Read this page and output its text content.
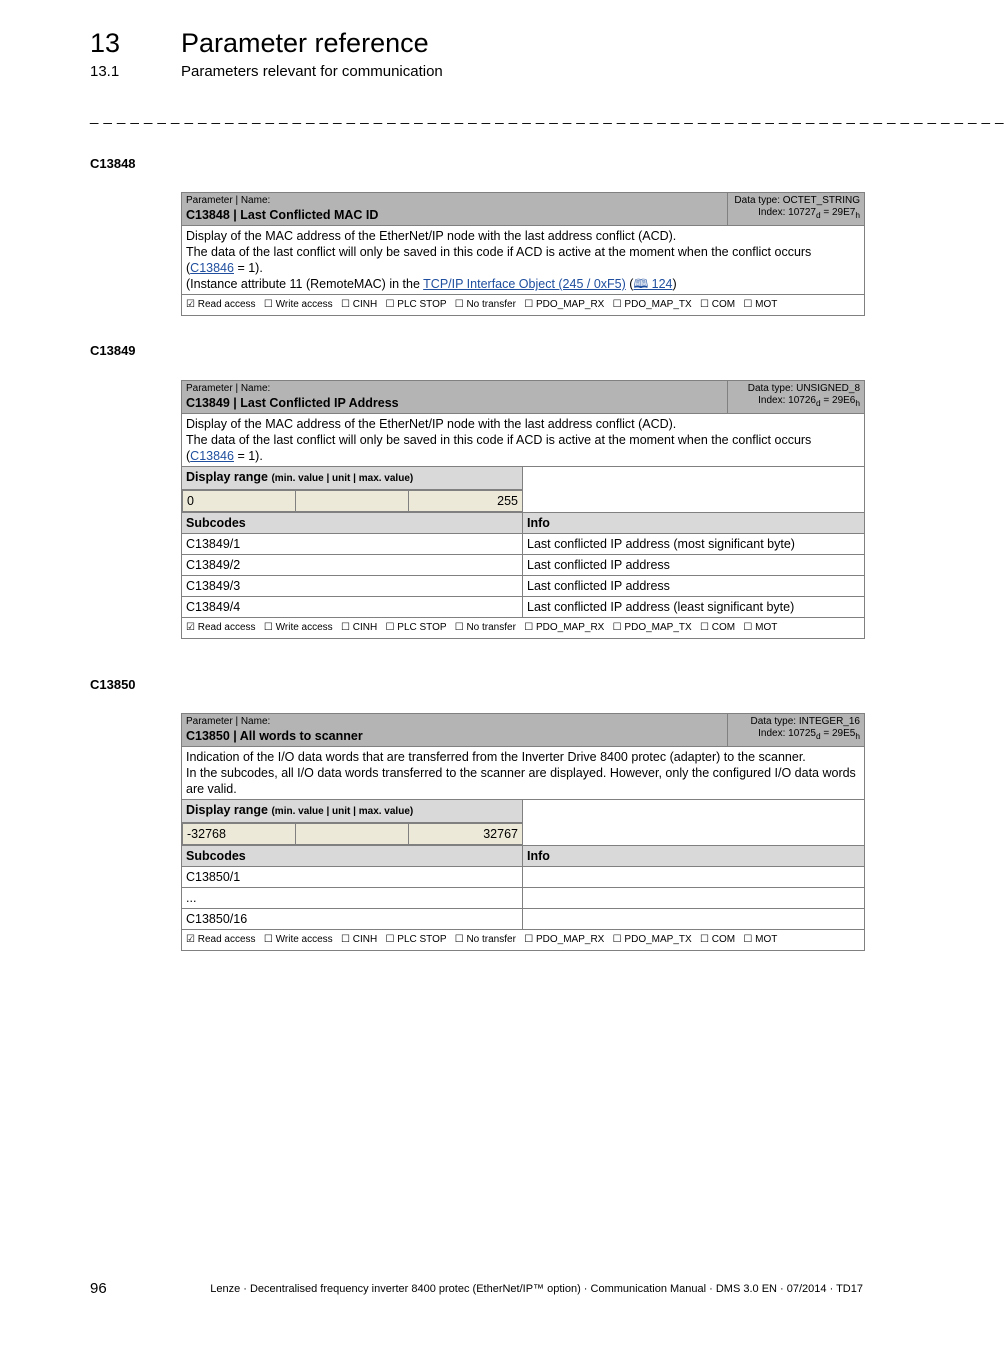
13 Parameter reference
13.1	Parameters relevant for communication
_ _ _ _ _ _ _ _ _ _ _ _ _ _ _ _ _ _ _ _ _ _ _ _ _ _ _ _ _ _ _ _ _ _ _ _ _ _ _ _ _ _ _ _ _ _ _ _ _ _ _ _ _ _ _ _ _ _ _ _ _ _ _ _ _ _ _ _
C13848
Parameter | Name:
C13848 | Last Conflicted MAC ID

Data type: OCTET_STRING
Index: $10727_d = 29E7_h$

Display of the MAC address of the EtherNet/IP node with the last address conflict (ACD).
The data of the last conflict will only be saved in this code if ACD is active at the moment when the conflict occurs (C13846 = 1).
(Instance attribute 11 (RemoteMAC) in the TCP/IP Interface Object (245 / 0xF5) (🕮 124)

☑ Read access   ☐ Write access   ☐ CINH   ☐ PLC STOP   ☐ No transfer   ☐ PDO_MAP_RX   ☐ PDO_MAP_TX   ☐ COM   ☐ MOT
C13849
Parameter | Name:
C13849 | Last Conflicted IP Address

Data type: UNSIGNED_8
Index: $10726_d = 29E6_h$

Display of the MAC address of the EtherNet/IP node with the last address conflict (ACD).
The data of the last conflict will only be saved in this code if ACD is active at the moment when the conflict occurs (C13846 = 1).

Display range (min. value | unit | max. value)	

0		255

Subcodes	Info
C13849/1	Last conflicted IP address (most significant byte)
C13849/2	Last conflicted IP address
C13849/3	Last conflicted IP address
C13849/4	Last conflicted IP address (least significant byte)
☑ Read access   ☐ Write access   ☐ CINH   ☐ PLC STOP   ☐ No transfer   ☐ PDO_MAP_RX   ☐ PDO_MAP_TX   ☐ COM   ☐ MOT
C13850
Parameter | Name:
C13850 | All words to scanner

Data type: INTEGER_16
Index: $10725_d = 29E5_h$

Indication of the I/O data words that are transferred from the Inverter Drive 8400 protec (adapter) to the scanner.
In the subcodes, all I/O data words transferred to the scanner are displayed. However, only the configured I/O data words are valid.

Display range (min. value | unit | max. value)	

-32768		32767

Subcodes	Info
C13850/1	
...	
C13850/16	
☑ Read access   ☐ Write access   ☐ CINH   ☐ PLC STOP   ☐ No transfer   ☐ PDO_MAP_RX   ☐ PDO_MAP_TX   ☐ COM   ☐ MOT
96	Lenze · Decentralised frequency inverter 8400 protec (EtherNet/IP™ option) · Communication Manual · DMS 3.0 EN · 07/2014 · TD17
